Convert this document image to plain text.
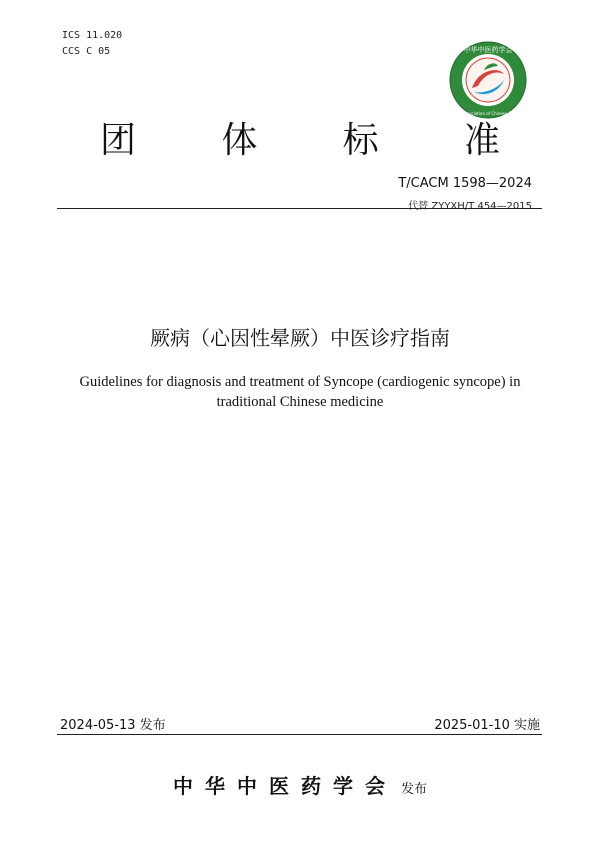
ICS 11.020
CCS C 05	中华中医药学会
China Association of Chinese Medicine
团 体 标 准
T/CACM 1598—2024
代替 ZYYXH/T 454—2015
厥病（心因性晕厥）中医诊疗指南
Guidelines for diagnosis and treatment of Syncope (cardiogenic syncope) in
traditional Chinese medicine
2024-05-13 发布	2025-01-10 实施
中华中医药学会 发布
